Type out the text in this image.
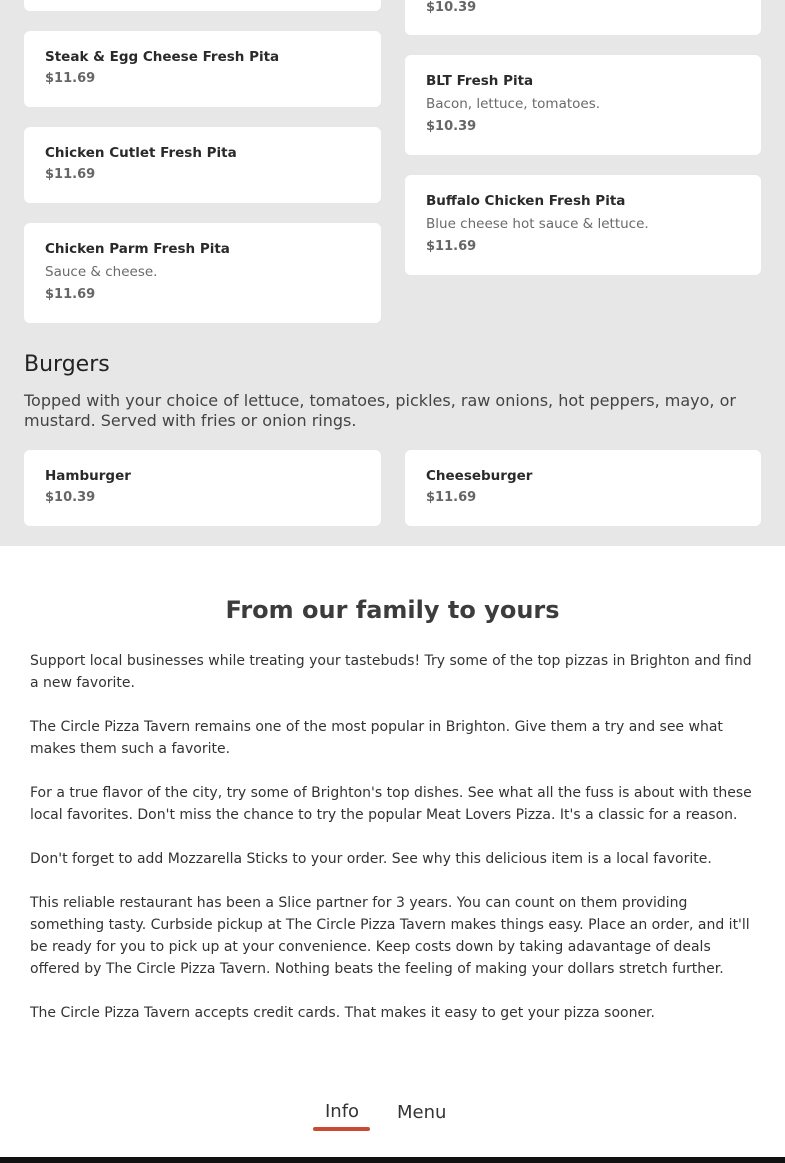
$10.39
Steak & Egg Cheese Fresh Pita
$11.69
Chicken Cutlet Fresh Pita
$11.69
Chicken Parm Fresh Pita
Sauce & cheese.
$11.69
BLT Fresh Pita
Bacon, lettuce, tomatoes.
$10.39
Buffalo Chicken Fresh Pita
Blue cheese hot sauce & lettuce.
$11.69
Burgers
Topped with your choice of lettuce, tomatoes, pickles, raw onions, hot peppers, mayo, or mustard. Served with fries or onion rings.
Hamburger
$10.39
Cheeseburger
$11.69
From our family to yours

Support local businesses while treating your tastebuds! Try some of the top pizzas in Brighton and find a new favorite.

The Circle Pizza Tavern remains one of the most popular in Brighton. Give them a try and see what makes them such a favorite.

For a true flavor of the city, try some of Brighton's top dishes. See what all the fuss is about with these local favorites. Don't miss the chance to try the popular Meat Lovers Pizza. It's a classic for a reason.

Don't forget to add Mozzarella Sticks to your order. See why this delicious item is a local favorite.

This reliable restaurant has been a Slice partner for 3 years. You can count on them providing something tasty. Curbside pickup at The Circle Pizza Tavern makes things easy. Place an order, and it'll be ready for you to pick up at your convenience. Keep costs down by taking adavantage of deals offered by The Circle Pizza Tavern. Nothing beats the feeling of making your dollars stretch further.

The Circle Pizza Tavern accepts credit cards. That makes it easy to get your pizza sooner.

Info Menu
